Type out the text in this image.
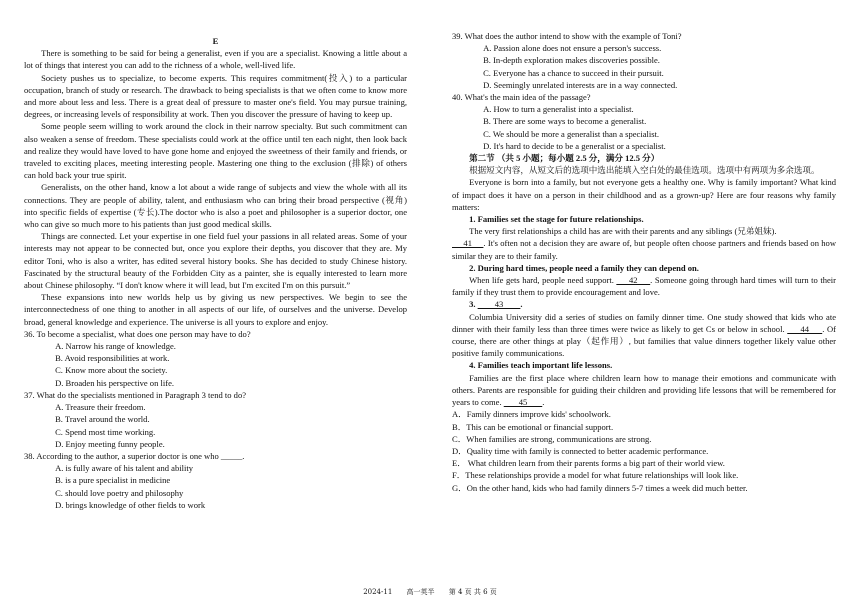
E

There is something to be said for being a generalist, even if you are a specialist. Knowing a little about a lot of things that interest you can add to the richness of a whole, well-lived life.

Society pushes us to specialize, to become experts. This requires commitment(投入) to a particular occupation, branch of study or research. The drawback to being specialists is that we often come to know more and more about less and less. There is a great deal of pressure to master one's field. You may pursue training, degrees, or increasing levels of responsibility at work. Then you discover the pressure of having to keep up.

Some people seem willing to work around the clock in their narrow specialty. But such commitment can also weaken a sense of freedom. These specialists could work at the office until ten each night, then look back and realize they would have loved to have gone home and enjoyed the sweetness of their family and friends, or traveled to exciting places, meeting interesting people. Mastering one thing to the exclusion (排除) of others can hold back your true spirit.

Generalists, on the other hand, know a lot about a wide range of subjects and view the whole with all its connections. They are people of ability, talent, and enthusiasm who can bring their broad perspective (视角) into specific fields of expertise (专长).The doctor who is also a poet and philosopher is a superior doctor, one who can give so much more to his patients than just good medical skills.

Things are connected. Let your expertise in one field fuel your passions in all related areas. Some of your interests may not appear to be connected but, once you explore their depths, you discover that they are. My editor Toni, who is also a writer, has edited several history books. She has decided to study Chinese history. Fascinated by the structural beauty of the Forbidden City as a painter, she is equally interested to learn more about Chinese philosophy. “I don't know where it will lead, but I'm excited I'm on this pursuit.”

These expansions into new worlds help us by giving us new perspectives. We begin to see the interconnectedness of one thing to another in all aspects of our life, of ourselves and the universe. Develop broad, general knowledge and experience. The universe is all yours to explore and enjoy.

36. To become a specialist, what does one person may have to do?

A. Narrow his range of knowledge.

B. Avoid responsibilities at work.

C. Know more about the society.

D. Broaden his perspective on life.

37. What do the specialists mentioned in Paragraph 3 tend to do?

A. Treasure their freedom.

B. Travel around the world.

C. Spend most time working.

D. Enjoy meeting funny people.

38. According to the author, a superior doctor is one who _____.

A. is fully aware of his talent and ability

B. is a pure specialist in medicine

C. should love poetry and philosophy

D. brings knowledge of other fields to work

39. What does the author intend to show with the example of Toni?

A. Passion alone does not ensure a person's success.

B. In-depth exploration makes discoveries possible.

C. Everyone has a chance to succeed in their pursuit.

D. Seemingly unrelated interests are in a way connected.

40. What's the main idea of the passage?

A. How to turn a generalist into a specialist.

B. There are some ways to become a generalist.

C. We should be more a generalist than a specialist.

D. It's hard to decide to be a generalist or a specialist.

第二节 （共 5 小题；每小题 2.5 分，满分 12.5 分）

根据短文内容，从短文后的选项中选出能填入空白处的最佳选项。选项中有两项为多余选项。

Everyone is born into a family, but not everyone gets a healthy one. Why is family important? What kind of impact does it have on a person in their childhood and as a grown-up? Here are four reasons why family matters:

1. Families set the stage for future relationships.

The very first relationships a child has are with their parents and any siblings (兄弟姐妹).

41     . It's often not a decision they are aware of, but people often choose partners and friends based on how similar they are to their family.

2. During hard times, people need a family they can depend on.

When life gets hard, people need support.      42     . Someone going through hard times will turn to their family if they trust them to provide encouragement and love.

3.         43        .

Columbia University did a series of studies on family dinner time. One study showed that kids who ate dinner with their family less than three times were twice as likely to get Cs or below in school.      44     . Of course, there are other things at play（起作用）, but families that value dinners together likely value other positive family communications.

4. Families teach important life lessons.

Families are the first place where children learn how to manage their emotions and communicate with others. Parents are responsible for guiding their children and providing life lessons that will be remembered for years to come.        45       .

A．Family dinners improve kids' schoolwork.

B．This can be emotional or financial support.

C．When families are strong, communications are strong.

D．Quality time with family is connected to better academic performance.

E． What children learn from their parents forms a big part of their world view.

F．These relationships provide a model for what future relationships will look like.

G．On the other hand, kids who had family dinners 5-7 times a week did much better.

2024-11 高一英半 第 4 页 共 6 页
